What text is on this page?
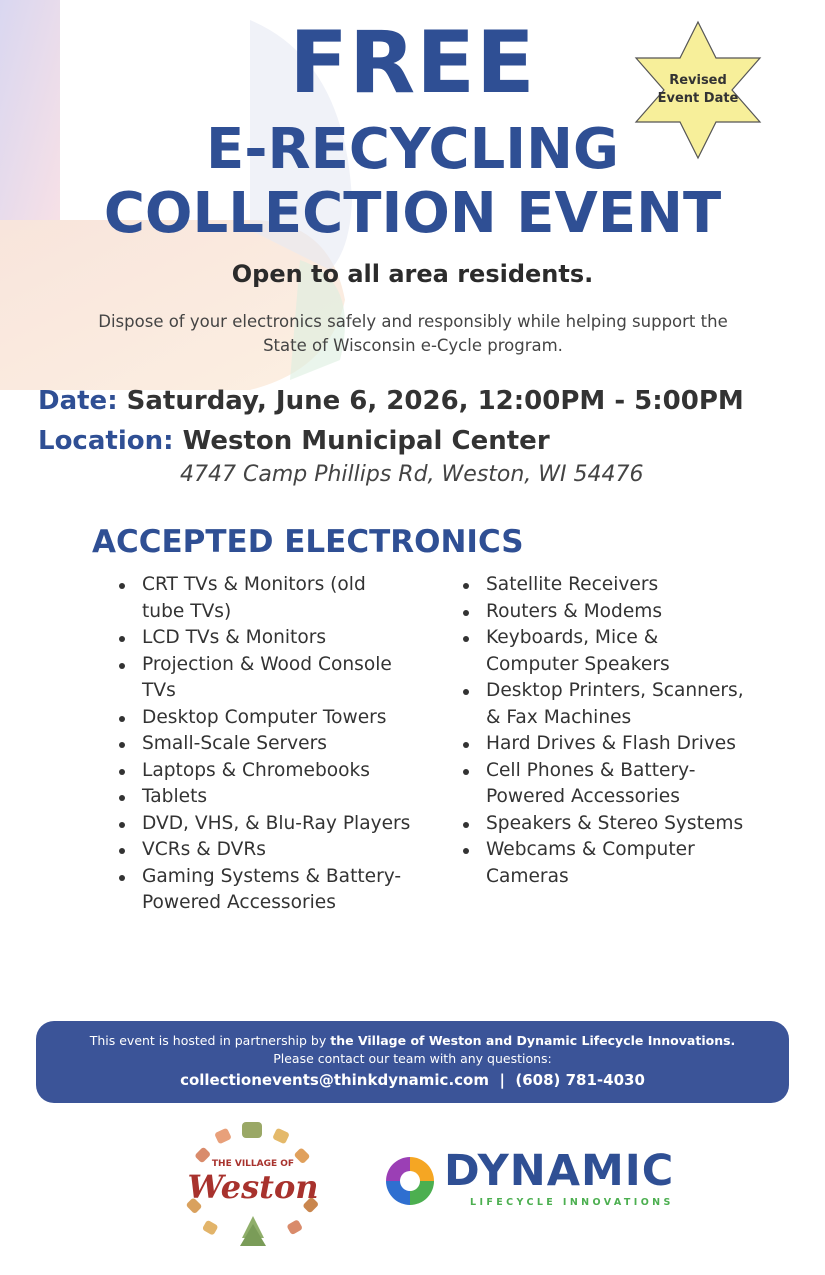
FREE
E-RECYCLING
COLLECTION EVENT
Revised
Event Date
Open to all area residents.
Dispose of your electronics safely and responsibly while helping support the
State of Wisconsin e-Cycle program.
Date: Saturday, June 6, 2026, 12:00PM - 5:00PM
Location: Weston Municipal Center
4747 Camp Phillips Rd, Weston, WI 54476
ACCEPTED ELECTRONICS
CRT TVs & Monitors (old tube TVs)
LCD TVs & Monitors
Projection & Wood Console TVs
Desktop Computer Towers
Small-Scale Servers
Laptops & Chromebooks
Tablets
DVD, VHS, & Blu-Ray Players
VCRs & DVRs
Gaming Systems & Battery- Powered Accessories
Satellite Receivers
Routers & Modems
Keyboards, Mice & Computer Speakers
Desktop Printers, Scanners, & Fax Machines
Hard Drives & Flash Drives
Cell Phones & Battery-Powered Accessories
Speakers & Stereo Systems
Webcams & Computer Cameras
This event is hosted in partnership by the Village of Weston and Dynamic Lifecycle Innovations.
Please contact our team with any questions:
collectionevents@thinkdynamic.com | (608) 781-4030
THE VILLAGE OF
Weston	DYNAMIC
LIFECYCLE INNOVATIONS
